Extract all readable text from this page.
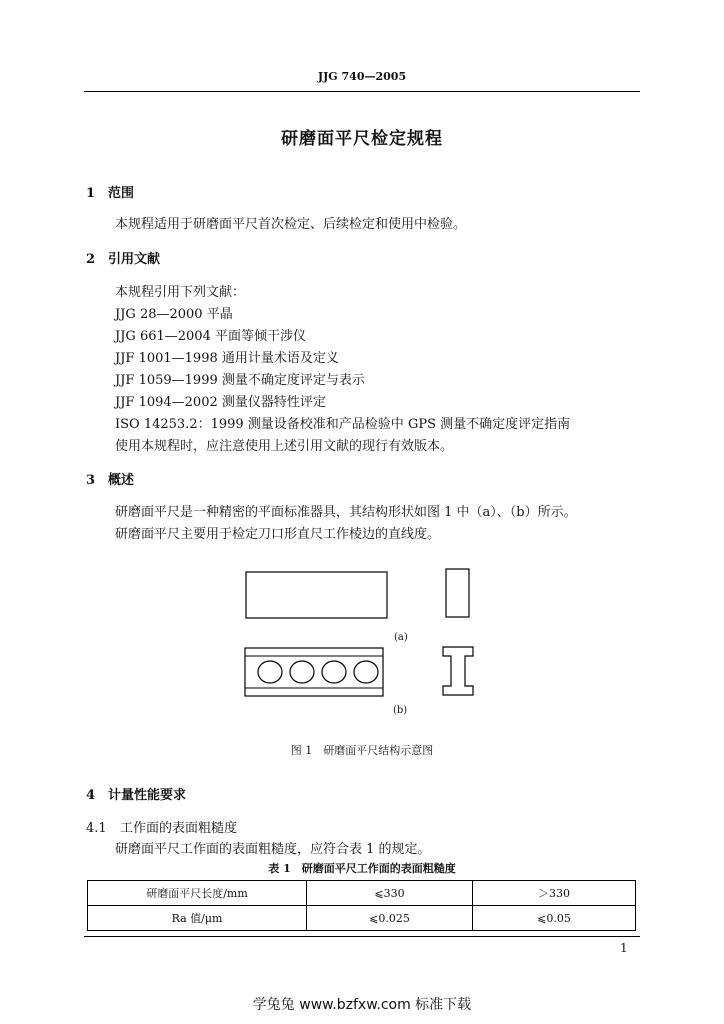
JJG 740—2005
研磨面平尺检定规程
1 范围
本规程适用于研磨面平尺首次检定、后续检定和使用中检验。
2 引用文献
本规程引用下列文献：
JJG 28—2000 平晶
JJG 661—2004 平面等倾干涉仪
JJF 1001—1998 通用计量术语及定义
JJF 1059—1999 测量不确定度评定与表示
JJF 1094—2002 测量仪器特性评定
ISO 14253.2：1999 测量设备校准和产品检验中 GPS 测量不确定度评定指南
使用本规程时，应注意使用上述引用文献的现行有效版本。
3 概述
研磨面平尺是一种精密的平面标准器具，其结构形状如图 1 中（a）、（b）所示。
研磨面平尺主要用于检定刀口形直尺工作棱边的直线度。
(a)
(b)
图 1　研磨面平尺结构示意图
4 计量性能要求
4.1 工作面的表面粗糙度
研磨面平尺工作面的表面粗糙度，应符合表 1 的规定。
表 1　研磨面平尺工作面的表面粗糙度
研磨面平尺长度/mm	⩽330	＞330
Ra 值/μm	⩽0.025	⩽0.05
1
学兔兔 www.bzfxw.com 标准下载
